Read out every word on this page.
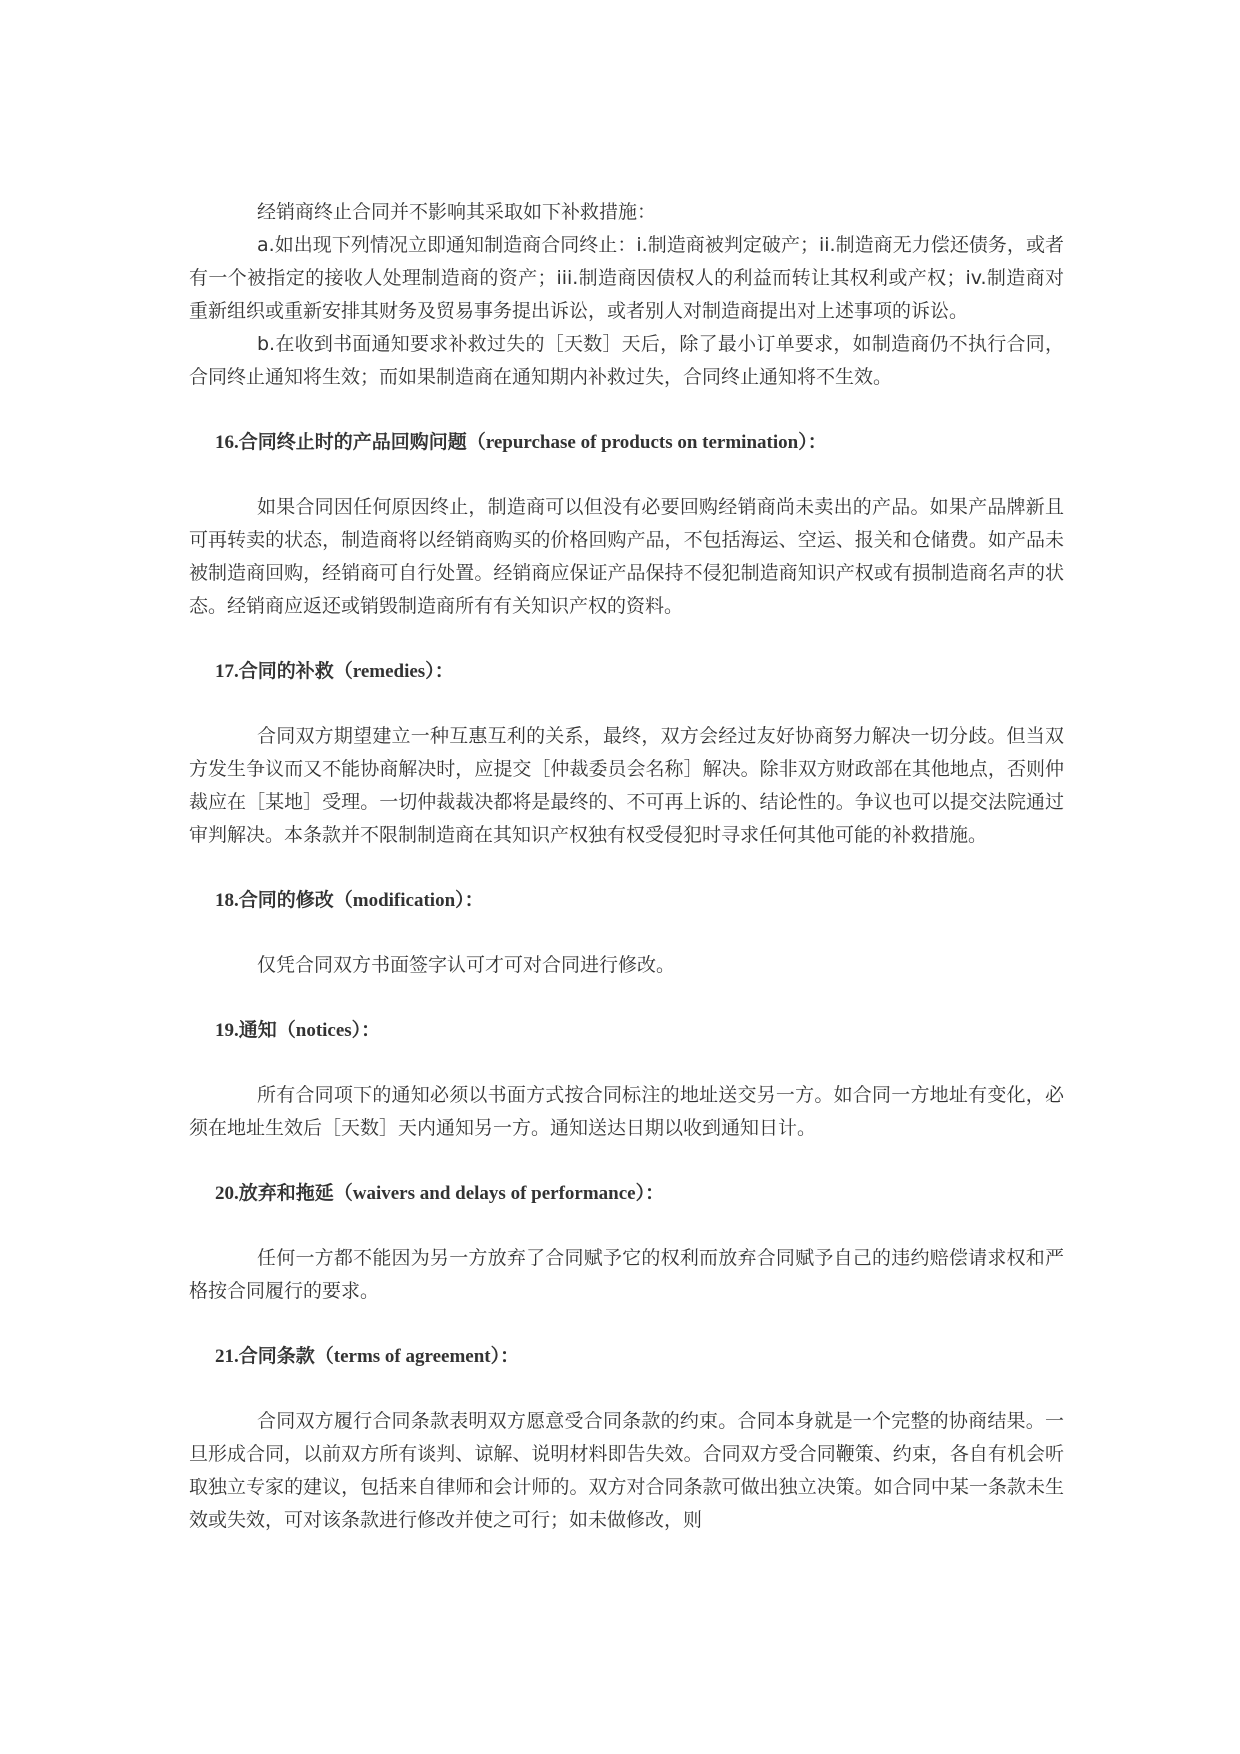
经销商终止合同并不影响其采取如下补救措施：

a.如出现下列情况立即通知制造商合同终止：i.制造商被判定破产；ii.制造商无力偿还债务，或者有一个被指定的接收人处理制造商的资产；iii.制造商因债权人的利益而转让其权利或产权；iv.制造商对重新组织或重新安排其财务及贸易事务提出诉讼，或者别人对制造商提出对上述事项的诉讼。

b.在收到书面通知要求补救过失的［天数］天后，除了最小订单要求，如制造商仍不执行合同，合同终止通知将生效；而如果制造商在通知期内补救过失，合同终止通知将不生效。

16.合同终止时的产品回购问题（repurchase of products on termination）：

如果合同因任何原因终止，制造商可以但没有必要回购经销商尚未卖出的产品。如果产品牌新且可再转卖的状态，制造商将以经销商购买的价格回购产品，不包括海运、空运、报关和仓储费。如产品未被制造商回购，经销商可自行处置。经销商应保证产品保持不侵犯制造商知识产权或有损制造商名声的状态。经销商应返还或销毁制造商所有有关知识产权的资料。

17.合同的补救（remedies）：

合同双方期望建立一种互惠互利的关系，最终，双方会经过友好协商努力解决一切分歧。但当双方发生争议而又不能协商解决时，应提交［仲裁委员会名称］解决。除非双方财政部在其他地点，否则仲裁应在［某地］受理。一切仲裁裁决都将是最终的、不可再上诉的、结论性的。争议也可以提交法院通过审判解决。本条款并不限制制造商在其知识产权独有权受侵犯时寻求任何其他可能的补救措施。

18.合同的修改（modification）：

仅凭合同双方书面签字认可才可对合同进行修改。

19.通知（notices）：

所有合同项下的通知必须以书面方式按合同标注的地址送交另一方。如合同一方地址有变化，必须在地址生效后［天数］天内通知另一方。通知送达日期以收到通知日计。

20.放弃和拖延（waivers and delays of performance）：

任何一方都不能因为另一方放弃了合同赋予它的权利而放弃合同赋予自己的违约赔偿请求权和严格按合同履行的要求。

21.合同条款（terms of agreement）：

合同双方履行合同条款表明双方愿意受合同条款的约束。合同本身就是一个完整的协商结果。一旦形成合同，以前双方所有谈判、谅解、说明材料即告失效。合同双方受合同鞭策、约束，各自有机会听取独立专家的建议，包括来自律师和会计师的。双方对合同条款可做出独立决策。如合同中某一条款未生效或失效，可对该条款进行修改并使之可行；如未做修改，则
